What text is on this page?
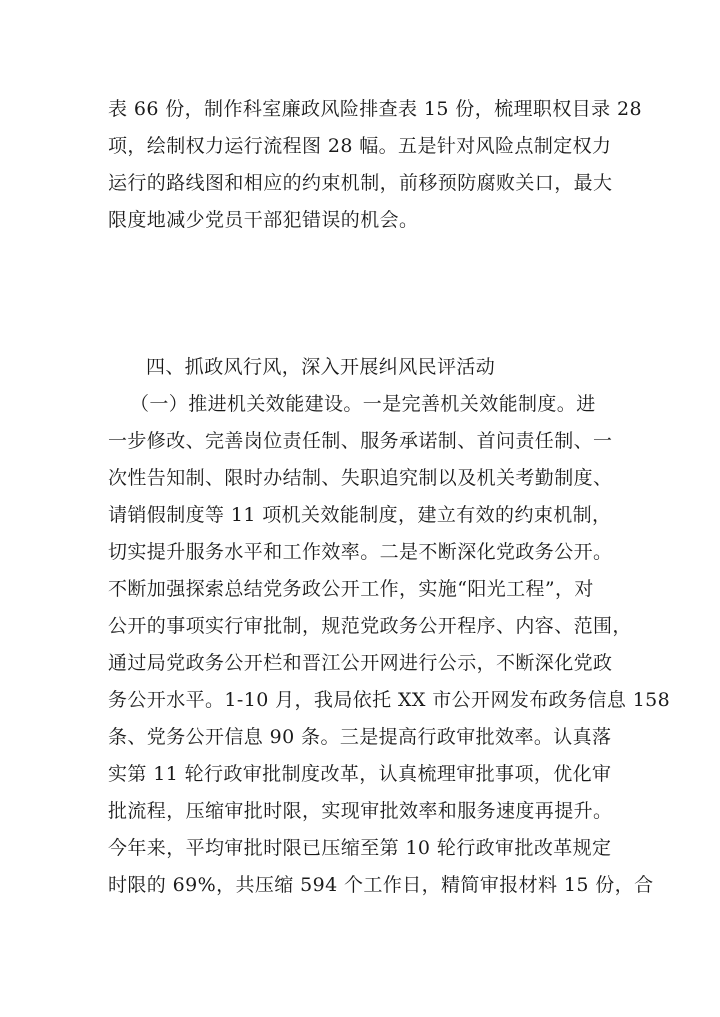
表 66 份，制作科室廉政风险排查表 15 份，梳理职权目录 28
项，绘制权力运行流程图 28 幅。五是针对风险点制定权力
运行的路线图和相应的约束机制，前移预防腐败关口，最大
限度地减少党员干部犯错误的机会。
四、抓政风行风，深入开展纠风民评活动
（一）推进机关效能建设。一是完善机关效能制度。进
一步修改、完善岗位责任制、服务承诺制、首问责任制、一
次性告知制、限时办结制、失职追究制以及机关考勤制度、
请销假制度等 11 项机关效能制度，建立有效的约束机制，
切实提升服务水平和工作效率。二是不断深化党政务公开。
不断加强探索总结党务政公开工作，实施“阳光工程”，对
公开的事项实行审批制，规范党政务公开程序、内容、范围，
通过局党政务公开栏和晋江公开网进行公示，不断深化党政
务公开水平。1-10 月，我局依托 XX 市公开网发布政务信息 158
条、党务公开信息 90 条。三是提高行政审批效率。认真落
实第 11 轮行政审批制度改革，认真梳理审批事项，优化审
批流程，压缩审批时限，实现审批效率和服务速度再提升。
今年来，平均审批时限已压缩至第 10 轮行政审批改革规定
时限的 69%，共压缩 594 个工作日，精简审报材料 15 份，合
